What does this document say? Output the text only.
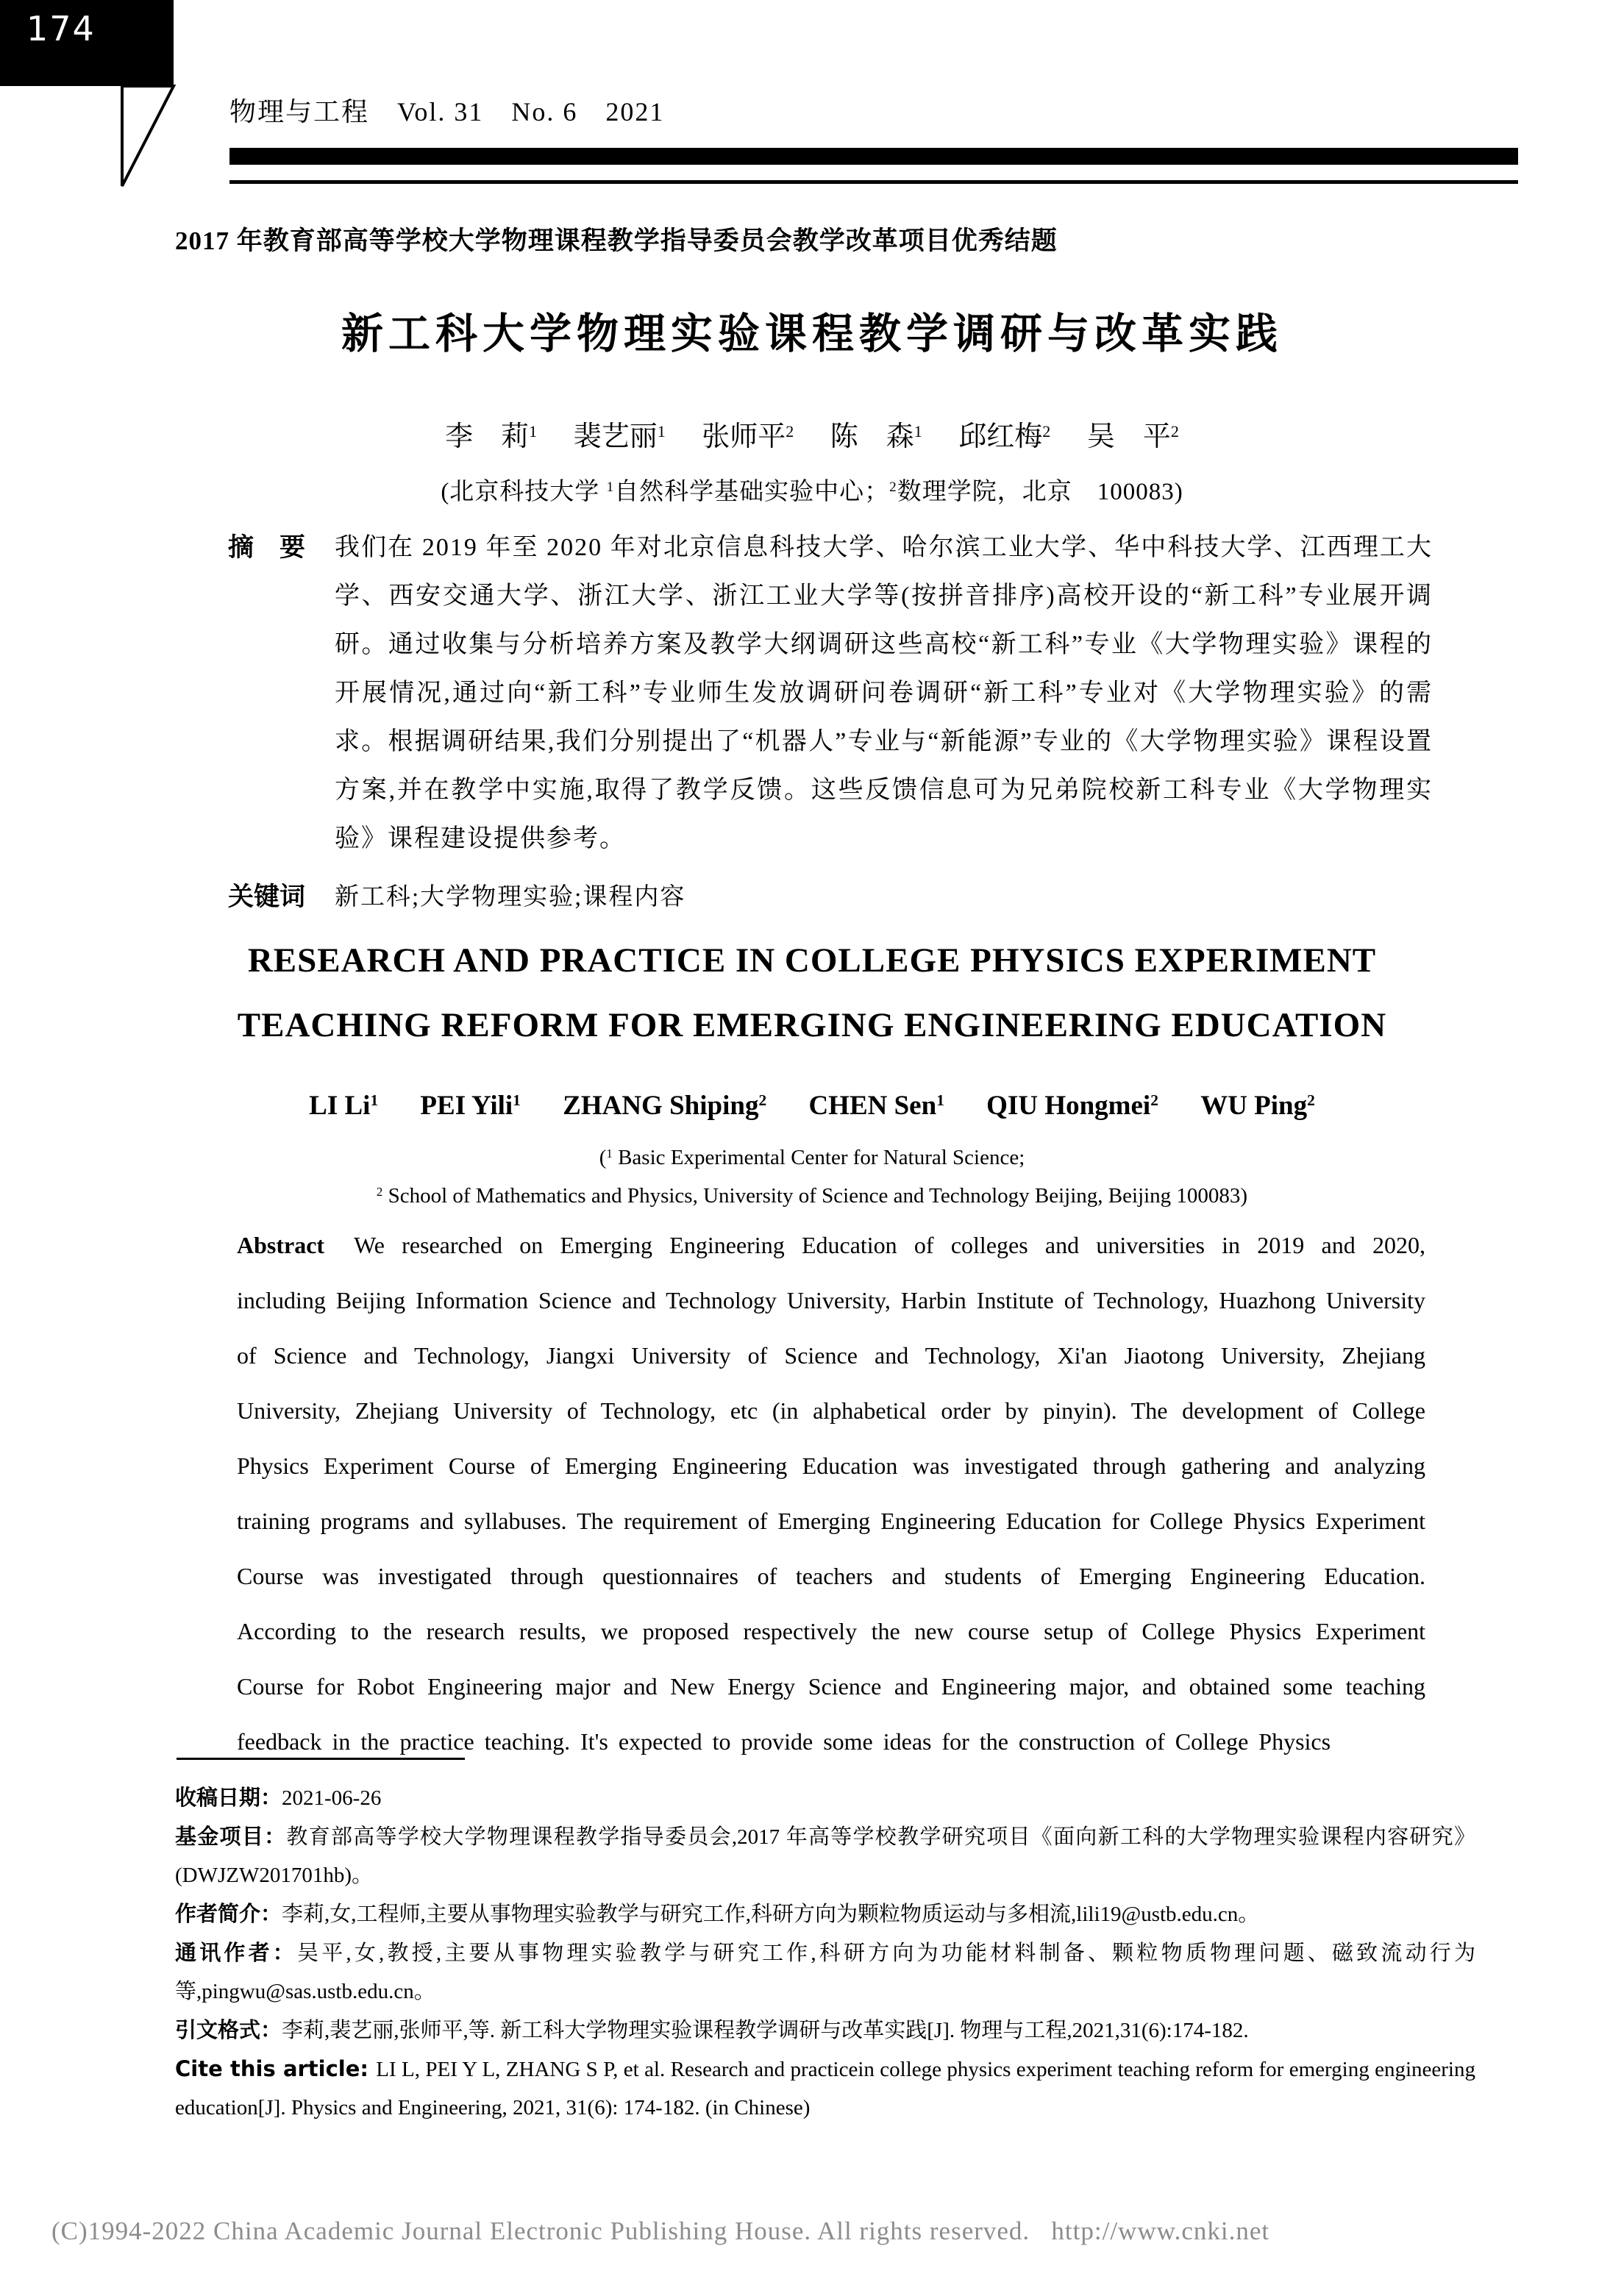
174
物理与工程　Vol. 31　No. 6　2021
2017 年教育部高等学校大学物理课程教学指导委员会教学改革项目优秀结题
新工科大学物理实验课程教学调研与改革实践
李　莉$^1$ 裴艺丽$^1$ 张师平$^2$ 陈　森$^1$ 邱红梅$^2$ 吴　平$^2$
(北京科技大学 $^1$自然科学基础实验中心；$^2$数理学院，北京　100083)
摘　要 我们在 2019 年至 2020 年对北京信息科技大学、哈尔滨工业大学、华中科技大学、江西理工大学、西安交通大学、浙江大学、浙江工业大学等(按拼音排序)高校开设的“新工科”专业展开调研。通过收集与分析培养方案及教学大纲调研这些高校“新工科”专业《大学物理实验》课程的开展情况,通过向“新工科”专业师生发放调研问卷调研“新工科”专业对《大学物理实验》的需求。根据调研结果,我们分别提出了“机器人”专业与“新能源”专业的《大学物理实验》课程设置方案,并在教学中实施,取得了教学反馈。这些反馈信息可为兄弟院校新工科专业《大学物理实验》课程建设提供参考。

关键词 新工科;大学物理实验;课程内容
RESEARCH AND PRACTICE IN COLLEGE PHYSICS EXPERIMENT TEACHING REFORM FOR EMERGING ENGINEERING EDUCATION
LI Li$^1$ PEI Yili$^1$ ZHANG Shiping$^2$ CHEN Sen$^1$ QIU Hongmei$^2$ WU Ping$^2$
($^1$ Basic Experimental Center for Natural Science;
$^2$ School of Mathematics and Physics, University of Science and Technology Beijing, Beijing 100083)
Abstract We researched on Emerging Engineering Education of colleges and universities in 2019 and 2020, including Beijing Information Science and Technology University, Harbin Institute of Technology, Huazhong University of Science and Technology, Jiangxi University of Science and Technology, Xi'an Jiaotong University, Zhejiang University, Zhejiang University of Technology, etc (in alphabetical order by pinyin). The development of College Physics Experiment Course of Emerging Engineering Education was investigated through gathering and analyzing training programs and syllabuses. The requirement of Emerging Engineering Education for College Physics Experiment Course was investigated through questionnaires of teachers and students of Emerging Engineering Education. According to the research results, we proposed respectively the new course setup of College Physics Experiment Course for Robot Engineering major and New Energy Science and Engineering major, and obtained some teaching feedback in the practice teaching. It's expected to provide some ideas for the construction of College Physics
收稿日期：2021-06-26
基金项目：教育部高等学校大学物理课程教学指导委员会,2017 年高等学校教学研究项目《面向新工科的大学物理实验课程内容研究》(DWJZW201701hb)。
作者简介：李莉,女,工程师,主要从事物理实验教学与研究工作,科研方向为颗粒物质运动与多相流,lili19@ustb.edu.cn。
通讯作者：吴平,女,教授,主要从事物理实验教学与研究工作,科研方向为功能材料制备、颗粒物质物理问题、磁致流动行为等,pingwu@sas.ustb.edu.cn。
引文格式：李莉,裴艺丽,张师平,等. 新工科大学物理实验课程教学调研与改革实践[J]. 物理与工程,2021,31(6):174-182.
Cite this article: LI L, PEI Y L, ZHANG S P, et al. Research and practicein college physics experiment teaching reform for emerging engineering education[J]. Physics and Engineering, 2021, 31(6): 174-182. (in Chinese)
(C)1994-2022 China Academic Journal Electronic Publishing House. All rights reserved.   http://www.cnki.net
